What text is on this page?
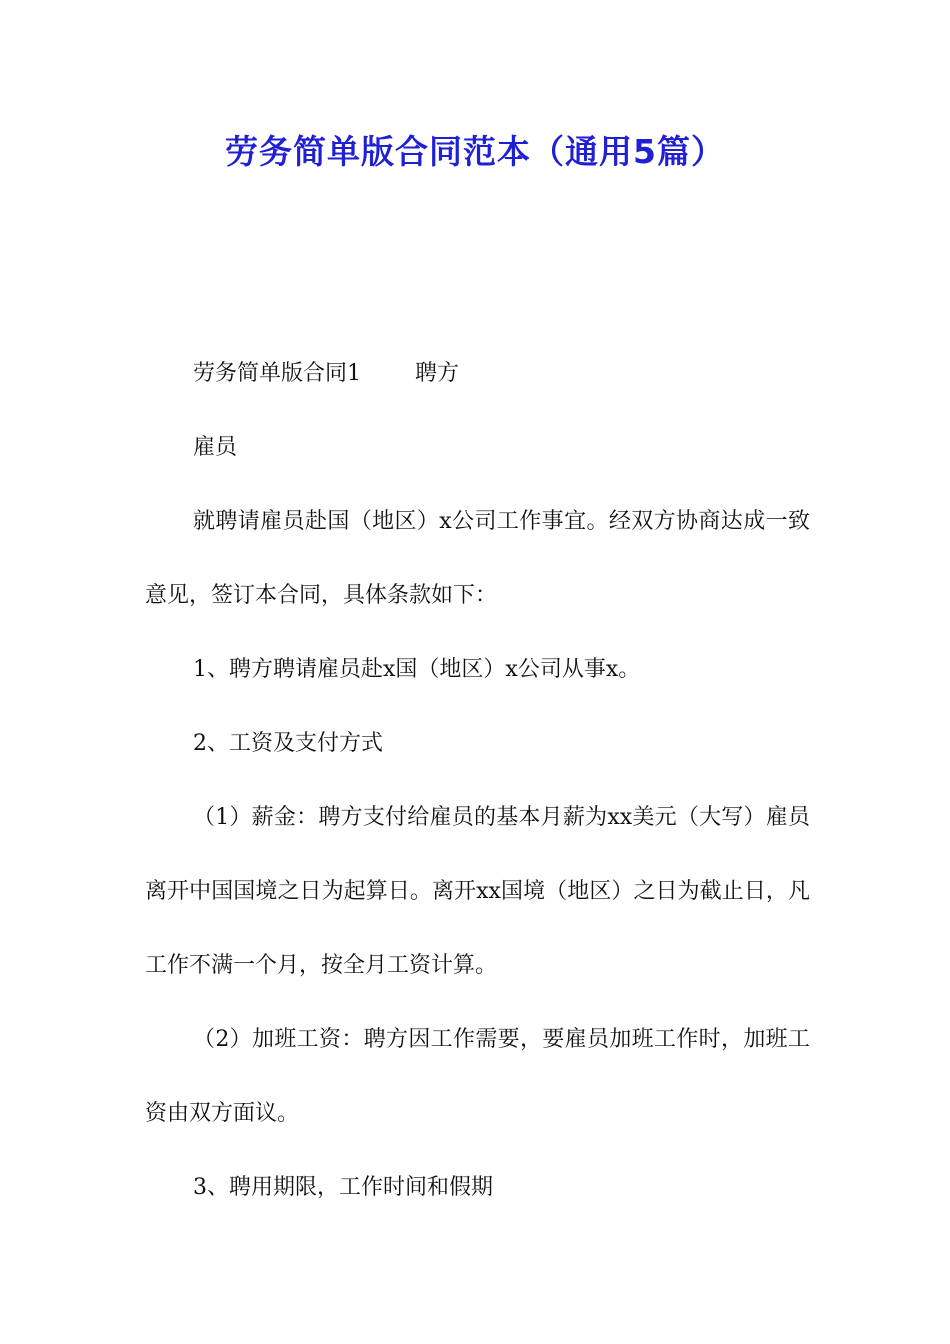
劳务简单版合同范本（通用5篇）

劳务简单版合同1 聘方

雇员

就聘请雇员赴国（地区）x公司工作事宜。经双方协商达成一致意见，签订本合同，具体条款如下：

1、聘方聘请雇员赴x国（地区）x公司从事x。

2、工资及支付方式

（1）薪金：聘方支付给雇员的基本月薪为xx美元（大写）雇员离开中国国境之日为起算日。离开xx国境（地区）之日为截止日，凡工作不满一个月，按全月工资计算。

（2）加班工资：聘方因工作需要，要雇员加班工作时，加班工资由双方面议。

3、聘用期限，工作时间和假期
